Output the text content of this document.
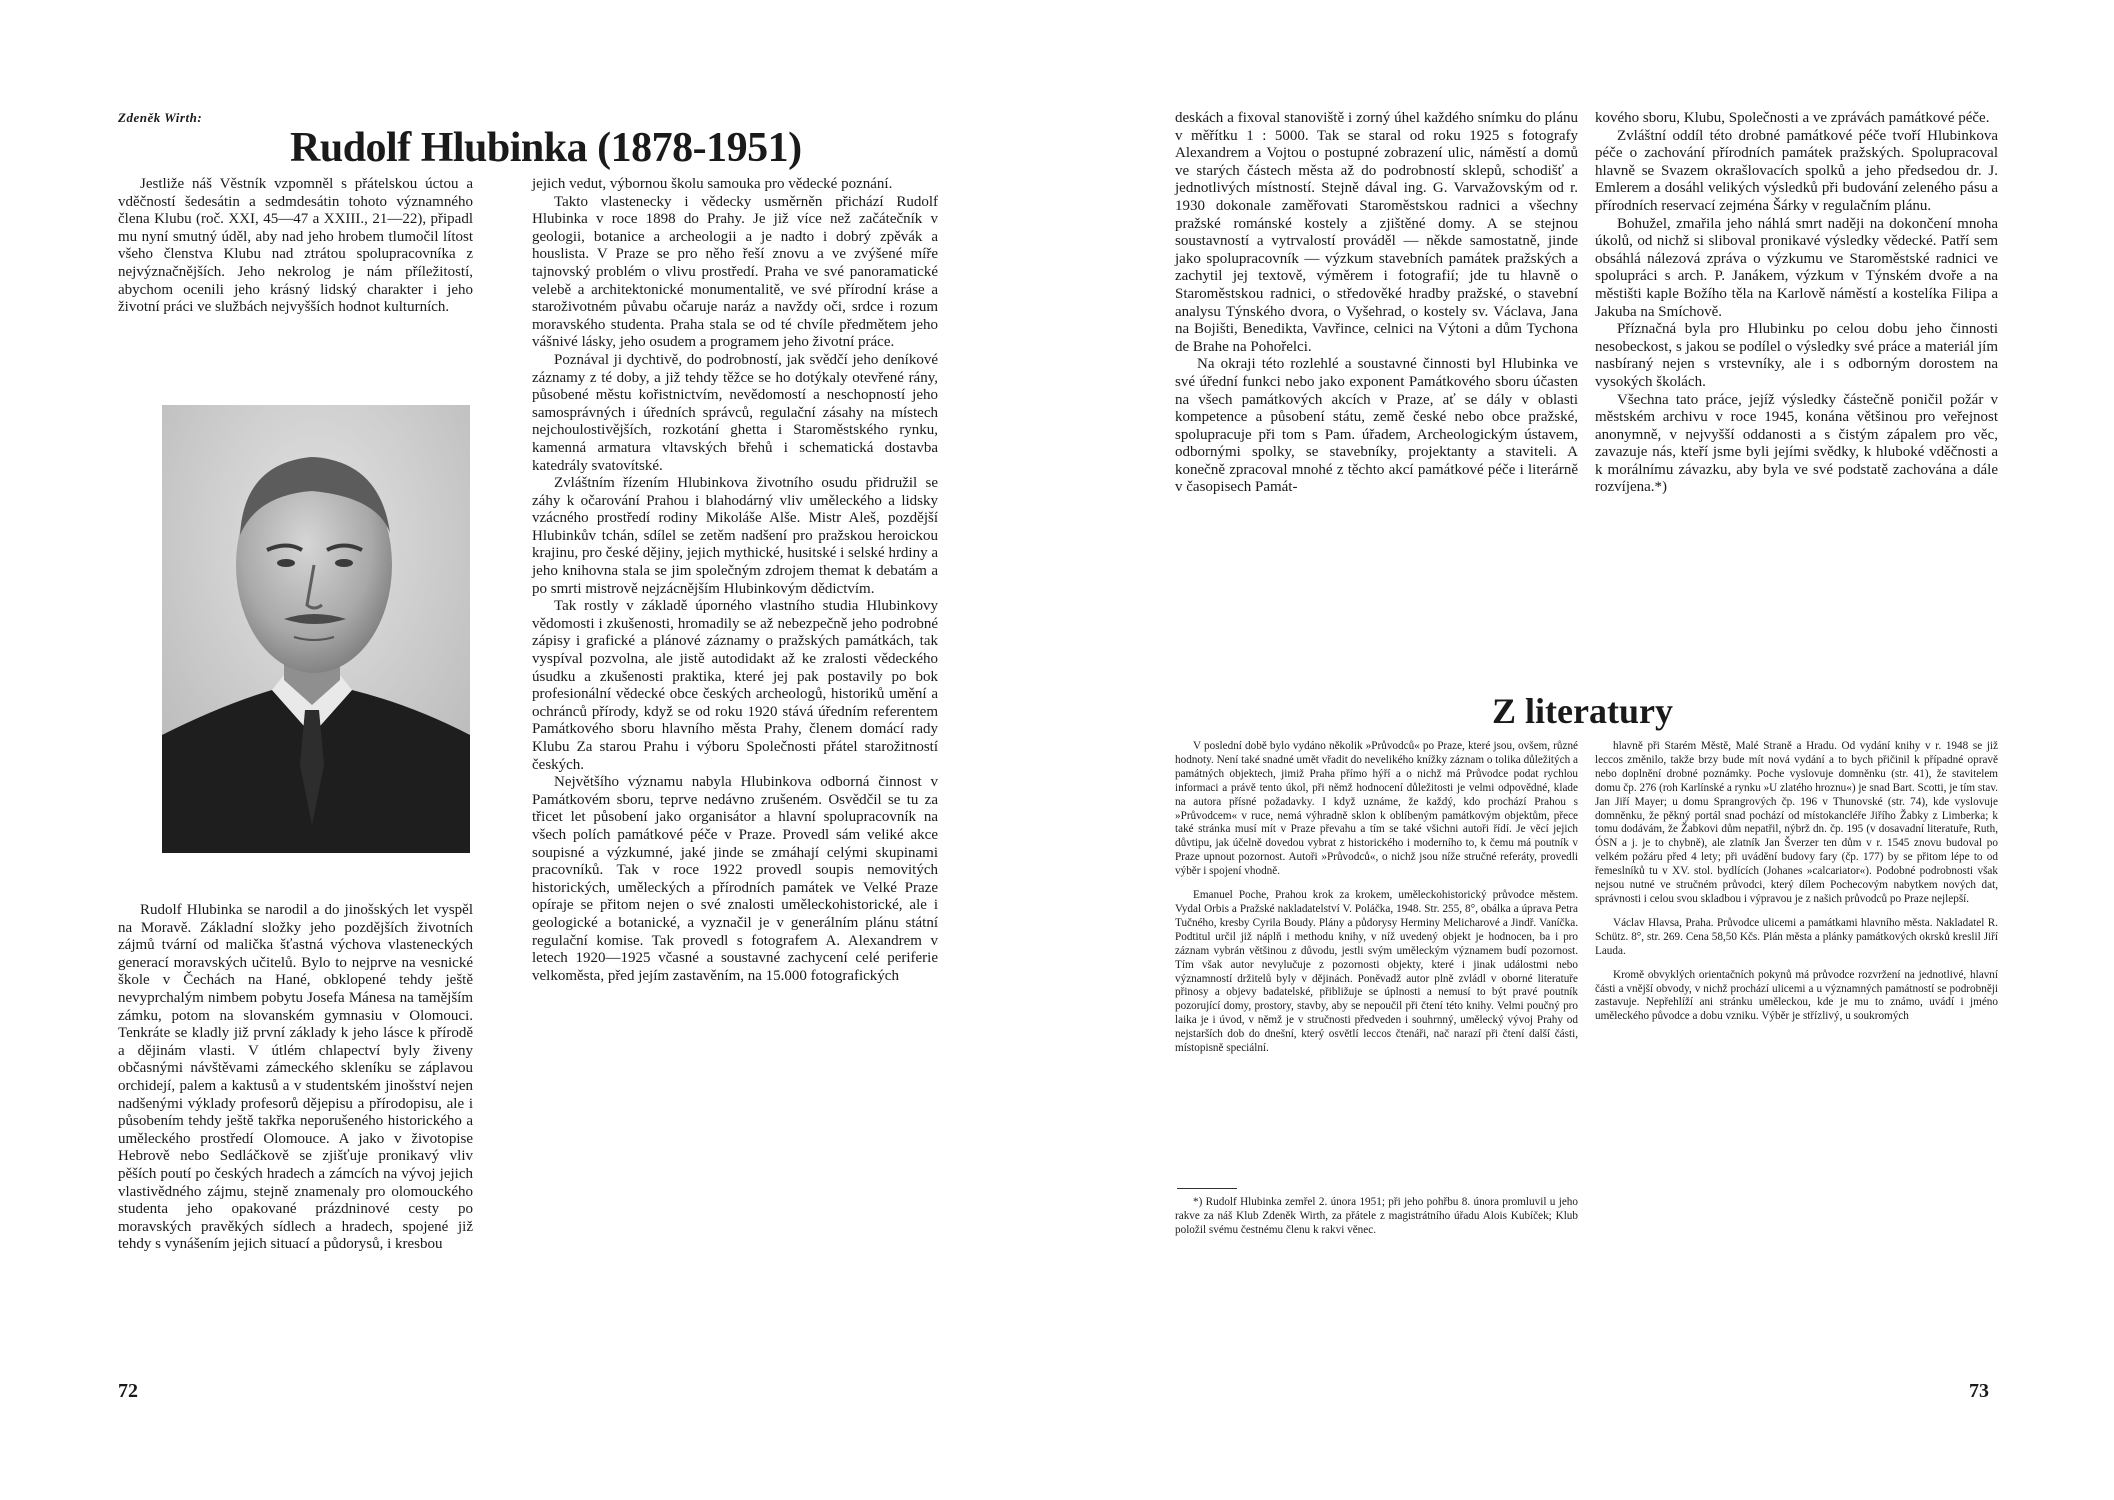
Zdeněk Wirth:
Rudolf Hlubinka (1878-1951)

Jestliže náš Věstník vzpomněl s přátelskou úctou a vděčností šedesátin a sedmdesátin tohoto významného člena Klubu (roč. XXI, 45—47 a XXIII., 21—22), připadl mu nyní smutný úděl, aby nad jeho hrobem tlumočil lítost všeho členstva Klubu nad ztrátou spolupracovníka z nejvýznačnějších. Jeho nekrolog je nám příležitostí, abychom ocenili jeho krásný lidský charakter i jeho životní práci ve službách nejvyšších hodnot kulturních.

Rudolf Hlubinka se narodil a do jinošských let vyspěl na Moravě. Základní složky jeho pozdějších životních zájmů tvární od malička šťastná výchova vlasteneckých generací moravských učitelů. Bylo to nejprve na vesnické škole v Čechách na Hané, obklopené tehdy ještě nevyprchalým nimbem pobytu Josefa Mánesa na tamějším zámku, potom na slovanském gymnasiu v Olomouci. Tenkráte se kladly již první základy k jeho lásce k přírodě a dějinám vlasti. V útlém chlapectví byly živeny občasnými návštěvami zámeckého skleníku se záplavou orchidejí, palem a kaktusů a v studentském jinošství nejen nadšenými výklady profesorů dějepisu a přírodopisu, ale i působením tehdy ještě takřka neporušeného historického a uměleckého prostředí Olomouce. A jako v životopise Hebrově nebo Sedláčkově se zjišťuje pronikavý vliv pěších poutí po českých hradech a zámcích na vývoj jejich vlastivědného zájmu, stejně znamenaly pro olomouckého studenta jeho opakované prázdninové cesty po moravských pravěkých sídlech a hradech, spojené již tehdy s vynášením jejich situací a půdorysů, i kresbou

jejich vedut, výbornou školu samouka pro vědecké poznání.

Takto vlastenecky i vědecky usměrněn přichází Rudolf Hlubinka v roce 1898 do Prahy. Je již více než začátečník v geologii, botanice a archeologii a je nadto i dobrý zpěvák a houslista. V Praze se pro něho řeší znovu a ve zvýšené míře tajnovský problém o vlivu prostředí. Praha ve své panoramatické velebě a architektonické monumentalitě, ve své přírodní kráse a staroživotném půvabu očaruje naráz a navždy oči, srdce i rozum moravského studenta. Praha stala se od té chvíle předmětem jeho vášnivé lásky, jeho osudem a programem jeho životní práce.

Poznával ji dychtivě, do podrobností, jak svědčí jeho deníkové záznamy z té doby, a již tehdy těžce se ho dotýkaly otevřené rány, působené městu kořistnictvím, nevědomostí a neschopností jeho samosprávných i úředních správců, regulační zásahy na místech nejchoulostivějších, rozkotání ghetta i Staroměstského rynku, kamenná armatura vltavských břehů i schematická dostavba katedrály svatovítské.

Zvláštním řízením Hlubinkova životního osudu přidružil se záhy k očarování Prahou i blahodárný vliv uměleckého a lidsky vzácného prostředí rodiny Mikoláše Alše. Mistr Aleš, pozdější Hlubinkův tchán, sdílel se zetěm nadšení pro pražskou heroickou krajinu, pro české dějiny, jejich mythické, husitské i selské hrdiny a jeho knihovna stala se jim společným zdrojem themat k debatám a po smrti mistrově nejzácnějším Hlubinkovým dědictvím.

Tak rostly v základě úporného vlastního studia Hlubinkovy vědomosti i zkušenosti, hromadily se až nebezpečně jeho podrobné zápisy i grafické a plánové záznamy o pražských památkách, tak vyspíval pozvolna, ale jistě autodidakt až ke zralosti vědeckého úsudku a zkušenosti praktika, které jej pak postavily po bok profesionální vědecké obce českých archeologů, historiků umění a ochránců přírody, když se od roku 1920 stává úředním referentem Památkového sboru hlavního města Prahy, členem domácí rady Klubu Za starou Prahu i výboru Společnosti přátel starožitností českých.

Největšího významu nabyla Hlubinkova odborná činnost v Památkovém sboru, teprve nedávno zrušeném. Osvědčil se tu za třicet let působení jako organisátor a hlavní spolupracovník na všech polích památkové péče v Praze. Provedl sám veliké akce soupisné a výzkumné, jaké jinde se zmáhají celými skupinami pracovníků. Tak v roce 1922 provedl soupis nemovitých historických, uměleckých a přírodních památek ve Velké Praze opíraje se přitom nejen o své znalosti uměleckohistorické, ale i geologické a botanické, a vyznačil je v generálním plánu státní regulační komise. Tak provedl s fotografem A. Alexandrem v letech 1920—1925 včasné a soustavné zachycení celé periferie velkoměsta, před jejím zastavěním, na 15.000 fotografických

72

deskách a fixoval stanoviště i zorný úhel každého snímku do plánu v měřítku 1 : 5000. Tak se staral od roku 1925 s fotografy Alexandrem a Vojtou o postupné zobrazení ulic, náměstí a domů ve starých částech města až do podrobností sklepů, schodišť a jednotlivých místností. Stejně dával ing. G. Varvažovským od r. 1930 dokonale zaměřovati Staroměstskou radnici a všechny pražské románské kostely a zjištěné domy. A se stejnou soustavností a vytrvalostí prováděl — někde samostatně, jinde jako spolupracovník — výzkum stavebních památek pražských a zachytil jej textově, výměrem i fotografií; jde tu hlavně o Staroměstskou radnici, o středověké hradby pražské, o stavební analysu Týnského dvora, o Vyšehrad, o kostely sv. Václava, Jana na Bojišti, Benedikta, Vavřince, celnici na Výtoni a dům Tychona de Brahe na Pohořelci.

Na okraji této rozlehlé a soustavné činnosti byl Hlubinka ve své úřední funkci nebo jako exponent Památkového sboru účasten na všech památkových akcích v Praze, ať se dály v oblasti kompetence a působení státu, země české nebo obce pražské, spolupracuje při tom s Pam. úřadem, Archeologickým ústavem, odbornými spolky, se stavebníky, projektanty a staviteli. A konečně zpracoval mnohé z těchto akcí památkové péče i literárně v časopisech Památ-

kového sboru, Klubu, Společnosti a ve zprávách památkové péče.

Zvláštní oddíl této drobné památkové péče tvoří Hlubinkova péče o zachování přírodních památek pražských. Spolupracoval hlavně se Svazem okrašlovacích spolků a jeho předsedou dr. J. Emlerem a dosáhl velikých výsledků při budování zeleného pásu a přírodních reservací zejména Šárky v regulačním plánu.

Bohužel, zmařila jeho náhlá smrt naději na dokončení mnoha úkolů, od nichž si sliboval pronikavé výsledky vědecké. Patří sem obsáhlá nálezová zpráva o výzkumu ve Staroměstské radnici ve spolupráci s arch. P. Janákem, výzkum v Týnském dvoře a na městišti kaple Božího těla na Karlově náměstí a kostelíka Filipa a Jakuba na Smíchově.

Příznačná byla pro Hlubinku po celou dobu jeho činnosti nesobeckost, s jakou se podílel o výsledky své práce a materiál jím nasbíraný nejen s vrstevníky, ale i s odborným dorostem na vysokých školách.

Všechna tato práce, jejíž výsledky částečně poničil požár v městském archivu v roce 1945, konána většinou pro veřejnost anonymně, v nejvyšší oddanosti a s čistým zápalem pro věc, zavazuje nás, kteří jsme byli jejími svědky, k hluboké vděčnosti a k morálnímu závazku, aby byla ve své podstatě zachována a dále rozvíjena.*)

Z literatury

V poslední době bylo vydáno několik »Průvodců« po Praze, které jsou, ovšem, různé hodnoty. Není také snadné umět vřadit do nevelikého knížky záznam o tolika důležitých a památných objektech, jimiž Praha přímo hýří a o nichž má Průvodce podat rychlou informaci a právě tento úkol, při němž hodnocení důležitosti je velmi odpovědné, klade na autora přísné požadavky. I když uznáme, že každý, kdo prochází Prahou s »Průvodcem« v ruce, nemá výhradně sklon k oblíbeným památkovým objektům, přece také stránka musí mít v Praze převahu a tím se také všichni autoři řídí. Je věcí jejich důvtipu, jak účelně dovedou vybrat z historického i moderního to, k čemu má poutník v Praze upnout pozornost. Autoři »Průvodců«, o nichž jsou níže stručné referáty, provedli výběr i spojení vhodně.

Emanuel Poche, Prahou krok za krokem, uměleckohistorický průvodce městem. Vydal Orbis a Pražské nakladatelství V. Poláčka, 1948. Str. 255, 8°, obálka a úprava Petra Tučného, kresby Cyrila Boudy. Plány a půdorysy Herminy Melicharové a Jindř. Vaníčka. Podtitul určil již náplň i methodu knihy, v níž uvedený objekt je hodnocen, ba i pro záznam vybrán většinou z důvodu, jestli svým uměleckým významem budí pozornost. Tím však autor nevylučuje z pozornosti objekty, které i jinak událostmi nebo významností držitelů byly v dějinách. Poněvadž autor plně zvládl v oborné literatuře přinosy a objevy badatelské, přibližuje se úplnosti a nemusí to být pravé poutník pozorující domy, prostory, stavby, aby se nepoučil při čtení této knihy. Velmi poučný pro laika je i úvod, v němž je v stručnosti předveden i souhrnný, umělecký vývoj Prahy od nejstarších dob do dnešní, který osvětlí leccos čtenáři, nač narazí při čtení další části, místopisně speciální.

*) Rudolf Hlubinka zemřel 2. února 1951; při jeho pohřbu 8. února promluvil u jeho rakve za náš Klub Zdeněk Wirth, za přátele z magistrátního úřadu Alois Kubíček; Klub položil svému čestnému členu k rakvi věnec.

hlavně při Starém Městě, Malé Straně a Hradu. Od vydání knihy v r. 1948 se již leccos změnilo, takže brzy bude mít nová vydání a to bych přičinil k případné opravě nebo doplnění drobné poznámky. Poche vyslovuje domněnku (str. 41), že stavitelem domu čp. 276 (roh Karlínské a rynku »U zlatého hroznu«) je snad Bart. Scotti, je tím stav. Jan Jiří Mayer; u domu Sprangrových čp. 196 v Thunovské (str. 74), kde vyslovuje domněnku, že pěkný portál snad pochází od místokancléře Jiřího Žabky z Limberka; k tomu dodávám, že Žabkovi dům nepatřil, nýbrž dn. čp. 195 (v dosavadní literatuře, Ruth, ÓSN a j. je to chybně), ale zlatník Jan Šverzer ten dům v r. 1545 znovu budoval po velkém požáru před 4 lety; při uvádění budovy fary (čp. 177) by se přitom lépe to od řemeslníků tu v XV. stol. bydlících (Johanes »calcariator«). Podobné podrobnosti však nejsou nutné ve stručném průvodci, který dílem Pochecovým nabytkem nových dat, správnosti i celou svou skladbou i výpravou je z našich průvodců po Praze nejlepší.

Václav Hlavsa, Praha. Průvodce ulicemi a památkami hlavního města. Nakladatel R. Schütz. 8°, str. 269. Cena 58,50 Kčs. Plán města a plánky památkových okrsků kreslil Jiří Lauda.

Kromě obvyklých orientačních pokynů má průvodce rozvržení na jednotlivé, hlavní části a vnější obvody, v nichž prochází ulicemi a u významných památností se podrobněji zastavuje. Nepřehlíží ani stránku uměleckou, kde je mu to známo, uvádí i jméno uměleckého původce a dobu vzniku. Výběr je střízlivý, u soukromých

73
